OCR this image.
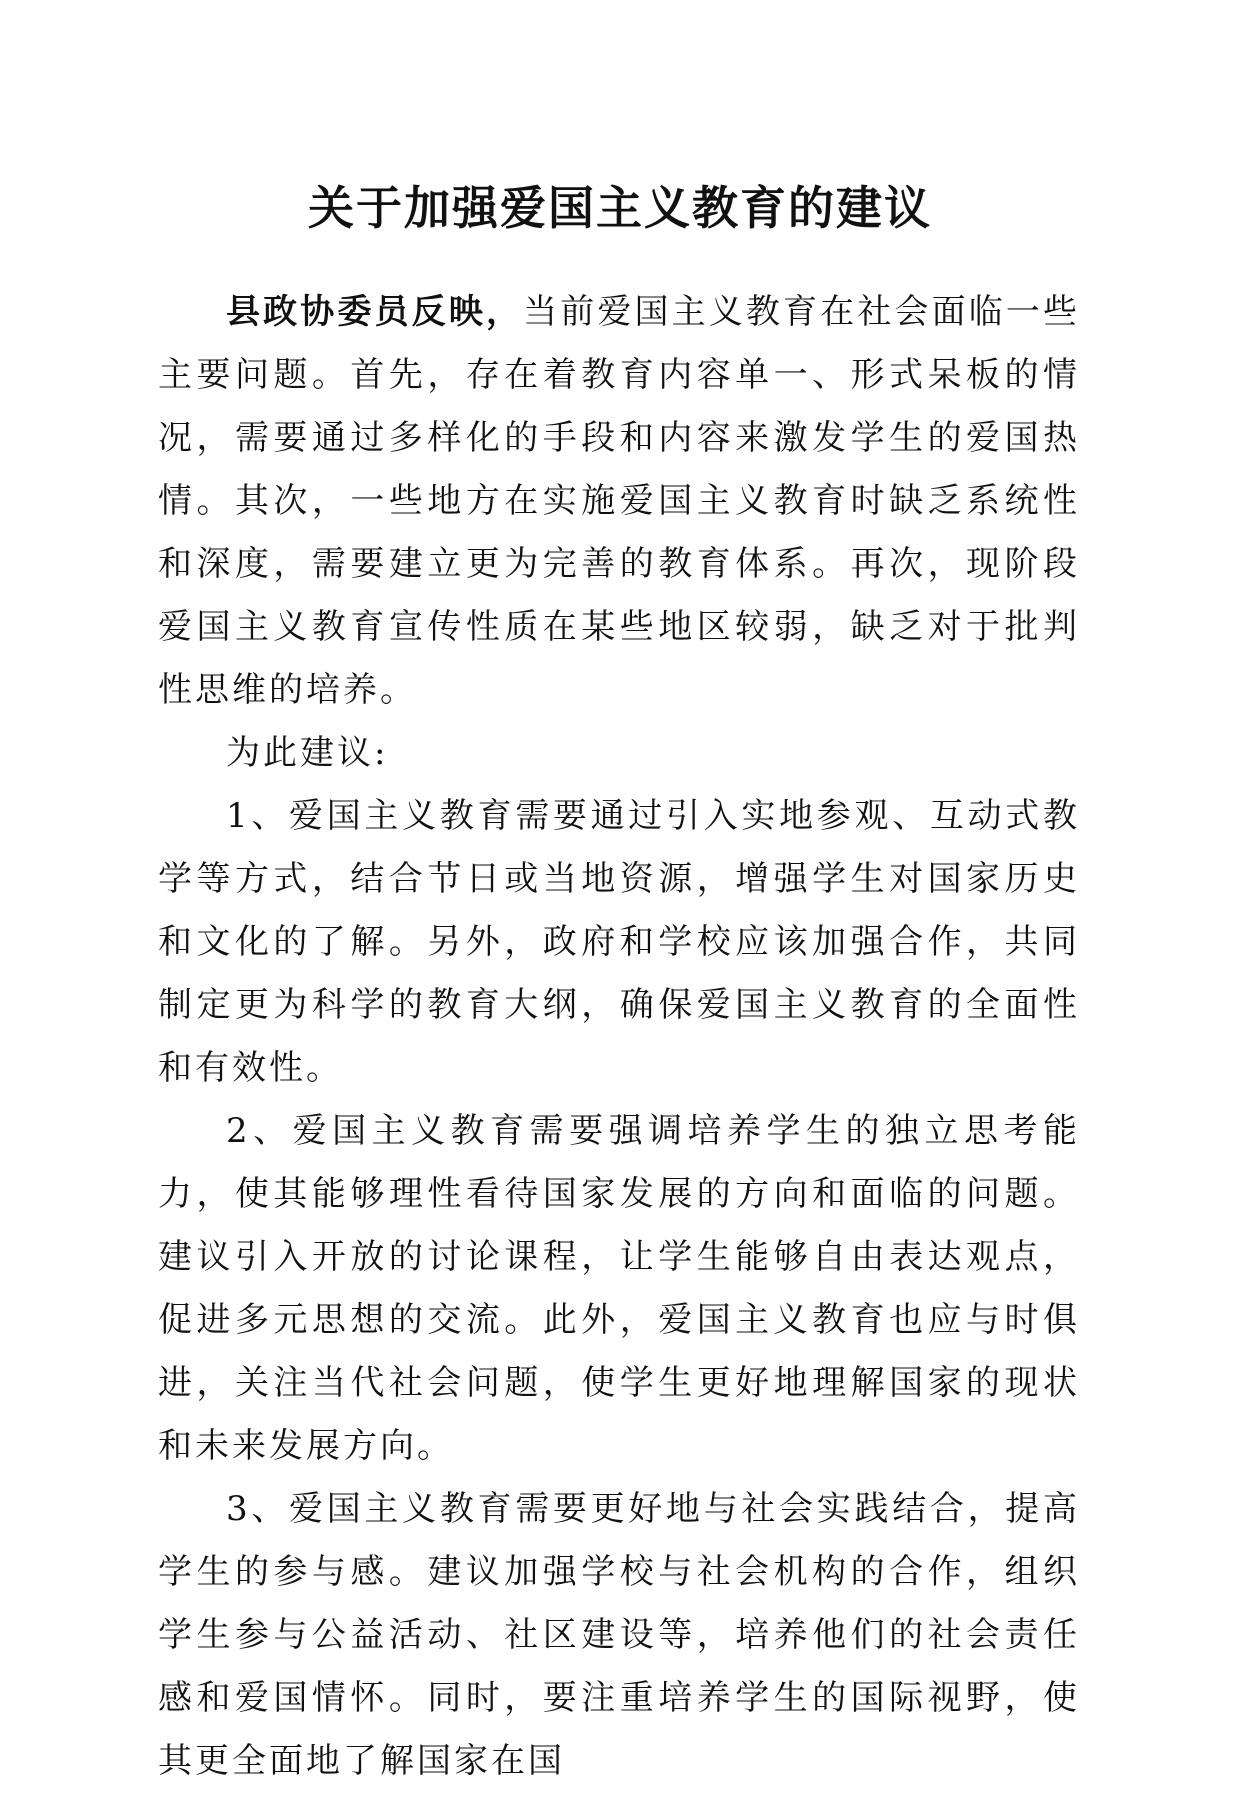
关于加强爱国主义教育的建议

县政协委员反映，当前爱国主义教育在社会面临一些主要问题。首先，存在着教育内容单一、形式呆板的情况，需要通过多样化的手段和内容来激发学生的爱国热情。其次，一些地方在实施爱国主义教育时缺乏系统性和深度，需要建立更为完善的教育体系。再次，现阶段爱国主义教育宣传性质在某些地区较弱，缺乏对于批判性思维的培养。

为此建议:

1、爱国主义教育需要通过引入实地参观、互动式教学等方式，结合节日或当地资源，增强学生对国家历史和文化的了解。另外，政府和学校应该加强合作，共同制定更为科学的教育大纲，确保爱国主义教育的全面性和有效性。

2、爱国主义教育需要强调培养学生的独立思考能力，使其能够理性看待国家发展的方向和面临的问题。建议引入开放的讨论课程，让学生能够自由表达观点，促进多元思想的交流。此外，爱国主义教育也应与时俱进，关注当代社会问题，使学生更好地理解国家的现状和未来发展方向。

3、爱国主义教育需要更好地与社会实践结合，提高学生的参与感。建议加强学校与社会机构的合作，组织学生参与公益活动、社区建设等，培养他们的社会责任感和爱国情怀。同时，要注重培养学生的国际视野，使其更全面地了解国家在国
